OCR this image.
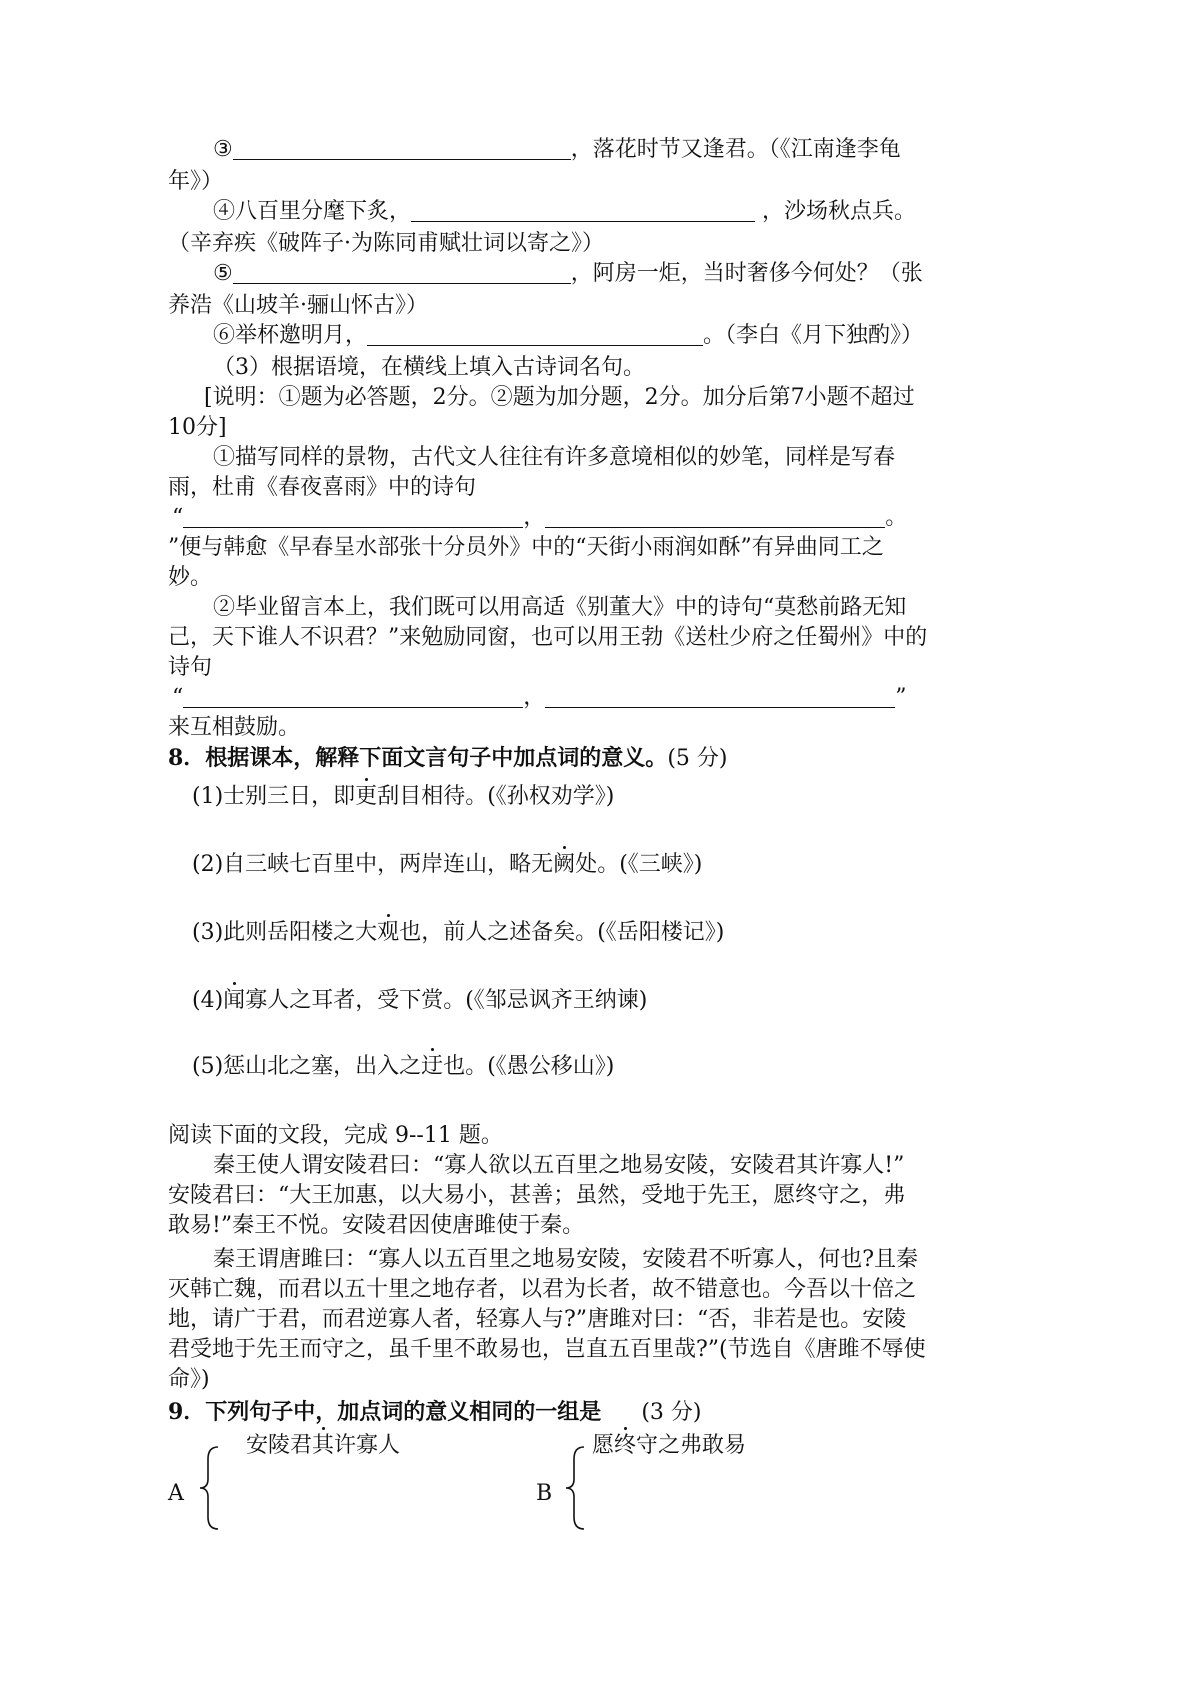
③	，落花时节又逢君。（《江南逢李龟
年》）
④八百里分麾下炙，	，沙场秋点兵。
（辛弃疾《破阵子·为陈同甫赋壮词以寄之》）
⑤	，阿房一炬，当时奢侈今何处？（张
养浩《山坡羊·骊山怀古》）
⑥举杯邀明月，	。（李白《月下独酌》）
（3）根据语境，在横线上填入古诗词名句。
[说明：①题为必答题，2分。②题为加分题，2分。加分后第7小题不超过
10分]
①描写同样的景物，古代文人往往有许多意境相似的妙笔，同样是写春
雨，杜甫《春夜喜雨》中的诗句
“	，	。
”便与韩愈《早春呈水部张十分员外》中的“天街小雨润如酥”有异曲同工之
妙。
②毕业留言本上，我们既可以用高适《别董大》中的诗句“莫愁前路无知
己，天下谁人不识君？”来勉励同窗，也可以用王勃《送杜少府之任蜀州》中的
诗句
“	，	”
来互相鼓励。
8．根据课本，解释下面文言句子中加点词的意义。(5 分)
(1)士别三日，即更刮目相待。(《孙权劝学》)
(2)自三峡七百里中，两岸连山，略无阙处。(《三峡》)
(3)此则岳阳楼之大观也，前人之述备矣。(《岳阳楼记》)
(4)闻寡人之耳者，受下赏。(《邹忌讽齐王纳谏)
(5)惩山北之塞，出入之迂也。(《愚公移山》)
阅读下面的文段，完成 9--11 题。
秦王使人谓安陵君曰：“寡人欲以五百里之地易安陵，安陵君其许寡人!”
安陵君曰：“大王加惠，以大易小，甚善；虽然，受地于先王，愿终守之，弗
敢易!”秦王不悦。安陵君因使唐雎使于秦。
秦王谓唐雎曰：“寡人以五百里之地易安陵，安陵君不听寡人，何也?且秦
灭韩亡魏，而君以五十里之地存者，以君为长者，故不错意也。今吾以十倍之
地，请广于君，而君逆寡人者，轻寡人与?”唐雎对曰：“否，非若是也。安陵
君受地于先王而守之，虽千里不敢易也，岂直五百里哉?”(节选自《唐雎不辱使
命》)
9．下列句子中，加点词的意义相同的一组是 (3 分)
A
安陵君其许寡人
B
愿终守之弗敢易
